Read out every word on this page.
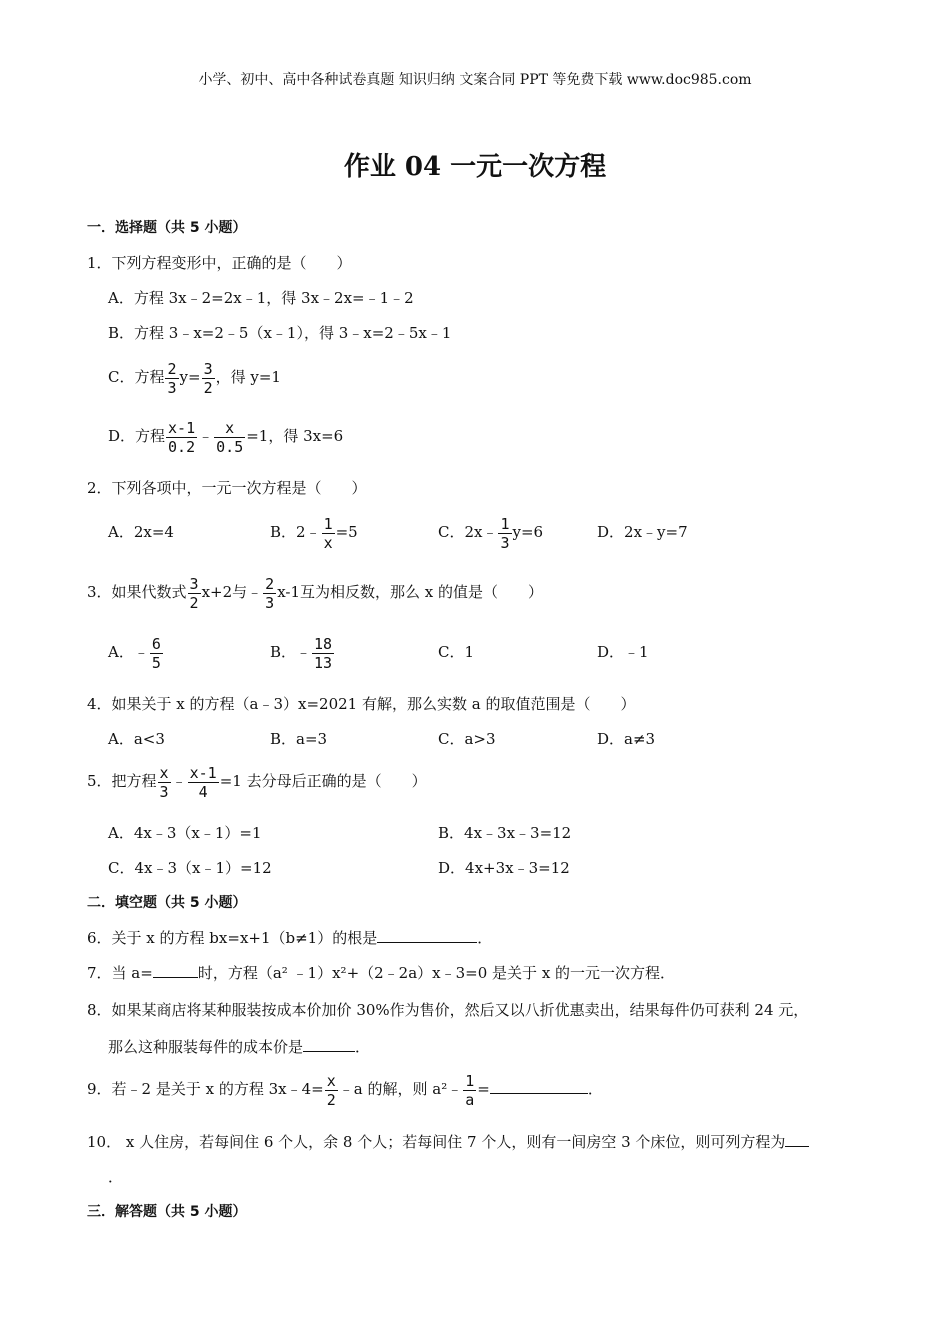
小学、初中、高中各种试卷真题 知识归纳 文案合同 PPT 等免费下载 www.doc985.com
作业 04 一元一次方程
一．选择题（共 5 小题）
1．下列方程变形中，正确的是（　　）
A．方程 3x﹣2=2x﹣1，得 3x﹣2x=﹣1﹣2
B．方程 3﹣x=2﹣5（x﹣1），得 3﹣x=2﹣5x﹣1
C．方程 $\frac{2}{3} y= \frac{3}{2}$ ，得 y=1
D．方程 $\frac{x-1}{0.2}$ ﹣ $\frac{x}{0.5} =1$，得 3x=6
2．下列各项中，一元一次方程是（　　）
A．2x=4	B．2﹣ $\frac{1}{x} =5$	C．2x﹣ $\frac{1}{3} y=6$	D．2x﹣y=7
3．如果代数式 $\frac{3}{2} x+2$与﹣ $\frac{2}{3} x-1$互为相反数，那么 x 的值是（　　）
A．﹣ $\frac{6}{5}$	B．﹣ $\frac{18}{13}$	C．1	D．﹣1
4．如果关于 x 的方程（a﹣3）x=2021 有解，那么实数 a 的取值范围是（　　）
A．a<3	B．a=3	C．a>3	D．a≠3
5．把方程 $\frac{x}{3}$ ﹣ $\frac{x-1}{4} =1$ 去分母后正确的是（　　）
A．4x﹣3（x﹣1）=1	B．4x﹣3x﹣3=12
C．4x﹣3（x﹣1）=12	D．4x+3x﹣3=12
二．填空题（共 5 小题）
6．关于 x 的方程 bx=x+1（b≠1）的根是	．
7．当 a=	时，方程（a² ﹣1）x²+（2﹣2a）x﹣3=0 是关于 x 的一元一次方程．
8．如果某商店将某种服装按成本价加价 30%作为售价，然后又以八折优惠卖出，结果每件仍可获利 24 元，
那么这种服装每件的成本价是	．
9．若﹣2 是关于 x 的方程 3x﹣4= $\frac{x}{2}$ ﹣a 的解，则 a²﹣ $\frac{1}{a}$ =	．
10． x 人住房，若每间住 6 个人，余 8 个人；若每间住 7 个人，则有一间房空 3 个床位，则可列方程为
．
三．解答题（共 5 小题）
